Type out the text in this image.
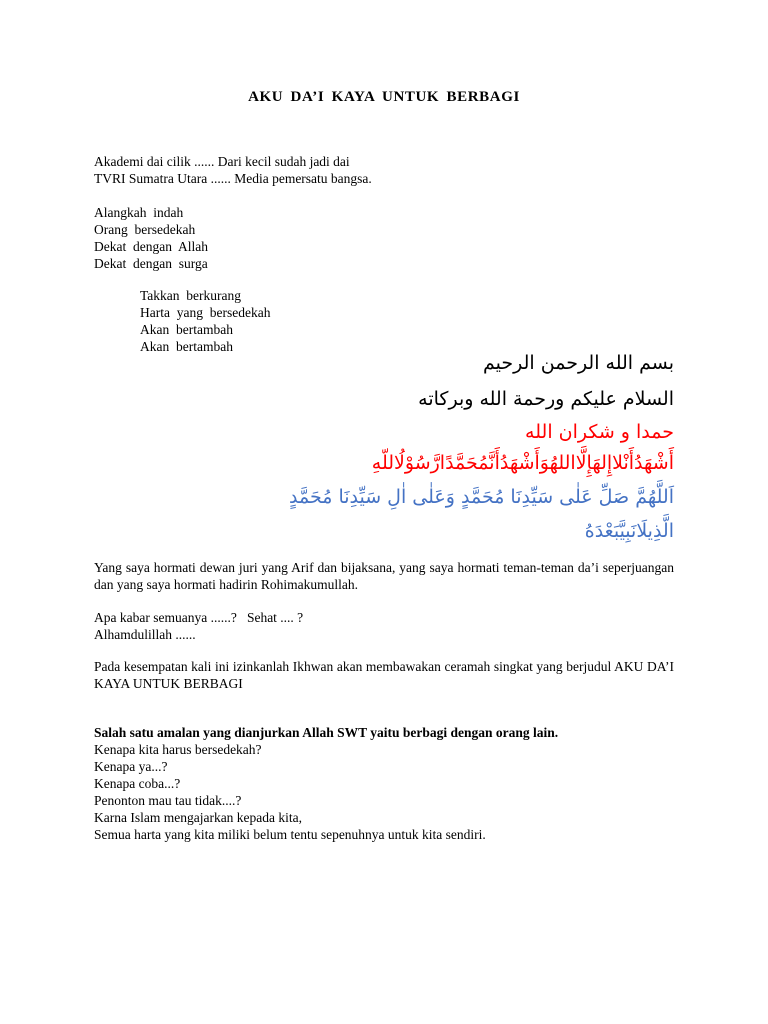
AKU DA’I KAYA UNTUK BERBAGI
Akademi dai cilik ...... Dari kecil sudah jadi dai
TVRI Sumatra Utara ...... Media pemersatu bangsa.
Alangkah  indah
Orang  bersedekah
Dekat  dengan  Allah
Dekat  dengan  surga
Takkan  berkurang
Harta  yang  bersedekah
Akan  bertambah
Akan  bertambah
بسم الله الرحمن الرحيم
السلام عليكم ورحمة الله وبركاته
حمدا و شكران الله
أَشْهَدُأَنْلاإِلهَإِلَّااللهُوَأَشْهَدُأَنَّمُحَمَّدًارَّسُوْلُاللّهِ
اَللَّهُمَّ صَلِّ عَلٰى سَيِّدِنَا مُحَمَّدٍ وَعَلٰى اٰلِ سَيِّدِنَا مُحَمَّدٍ
الَّذِيلَانَبِيَّبَعْدَهُ
Yang saya hormati dewan juri yang Arif dan bijaksana, yang saya hormati teman-teman da’i seperjuangan dan yang saya hormati hadirin Rohimakumullah.
Apa kabar semuanya ......?   Sehat .... ?
Alhamdulillah ......
Pada kesempatan kali ini izinkanlah Ikhwan akan membawakan ceramah singkat yang berjudul AKU DA’I KAYA UNTUK BERBAGI
Salah satu amalan yang dianjurkan Allah SWT yaitu berbagi dengan orang lain.
Kenapa kita harus bersedekah?
Kenapa ya...?
Kenapa coba...?
Penonton mau tau tidak....?
Karna Islam mengajarkan kepada kita,
Semua harta yang kita miliki belum tentu sepenuhnya untuk kita sendiri.
